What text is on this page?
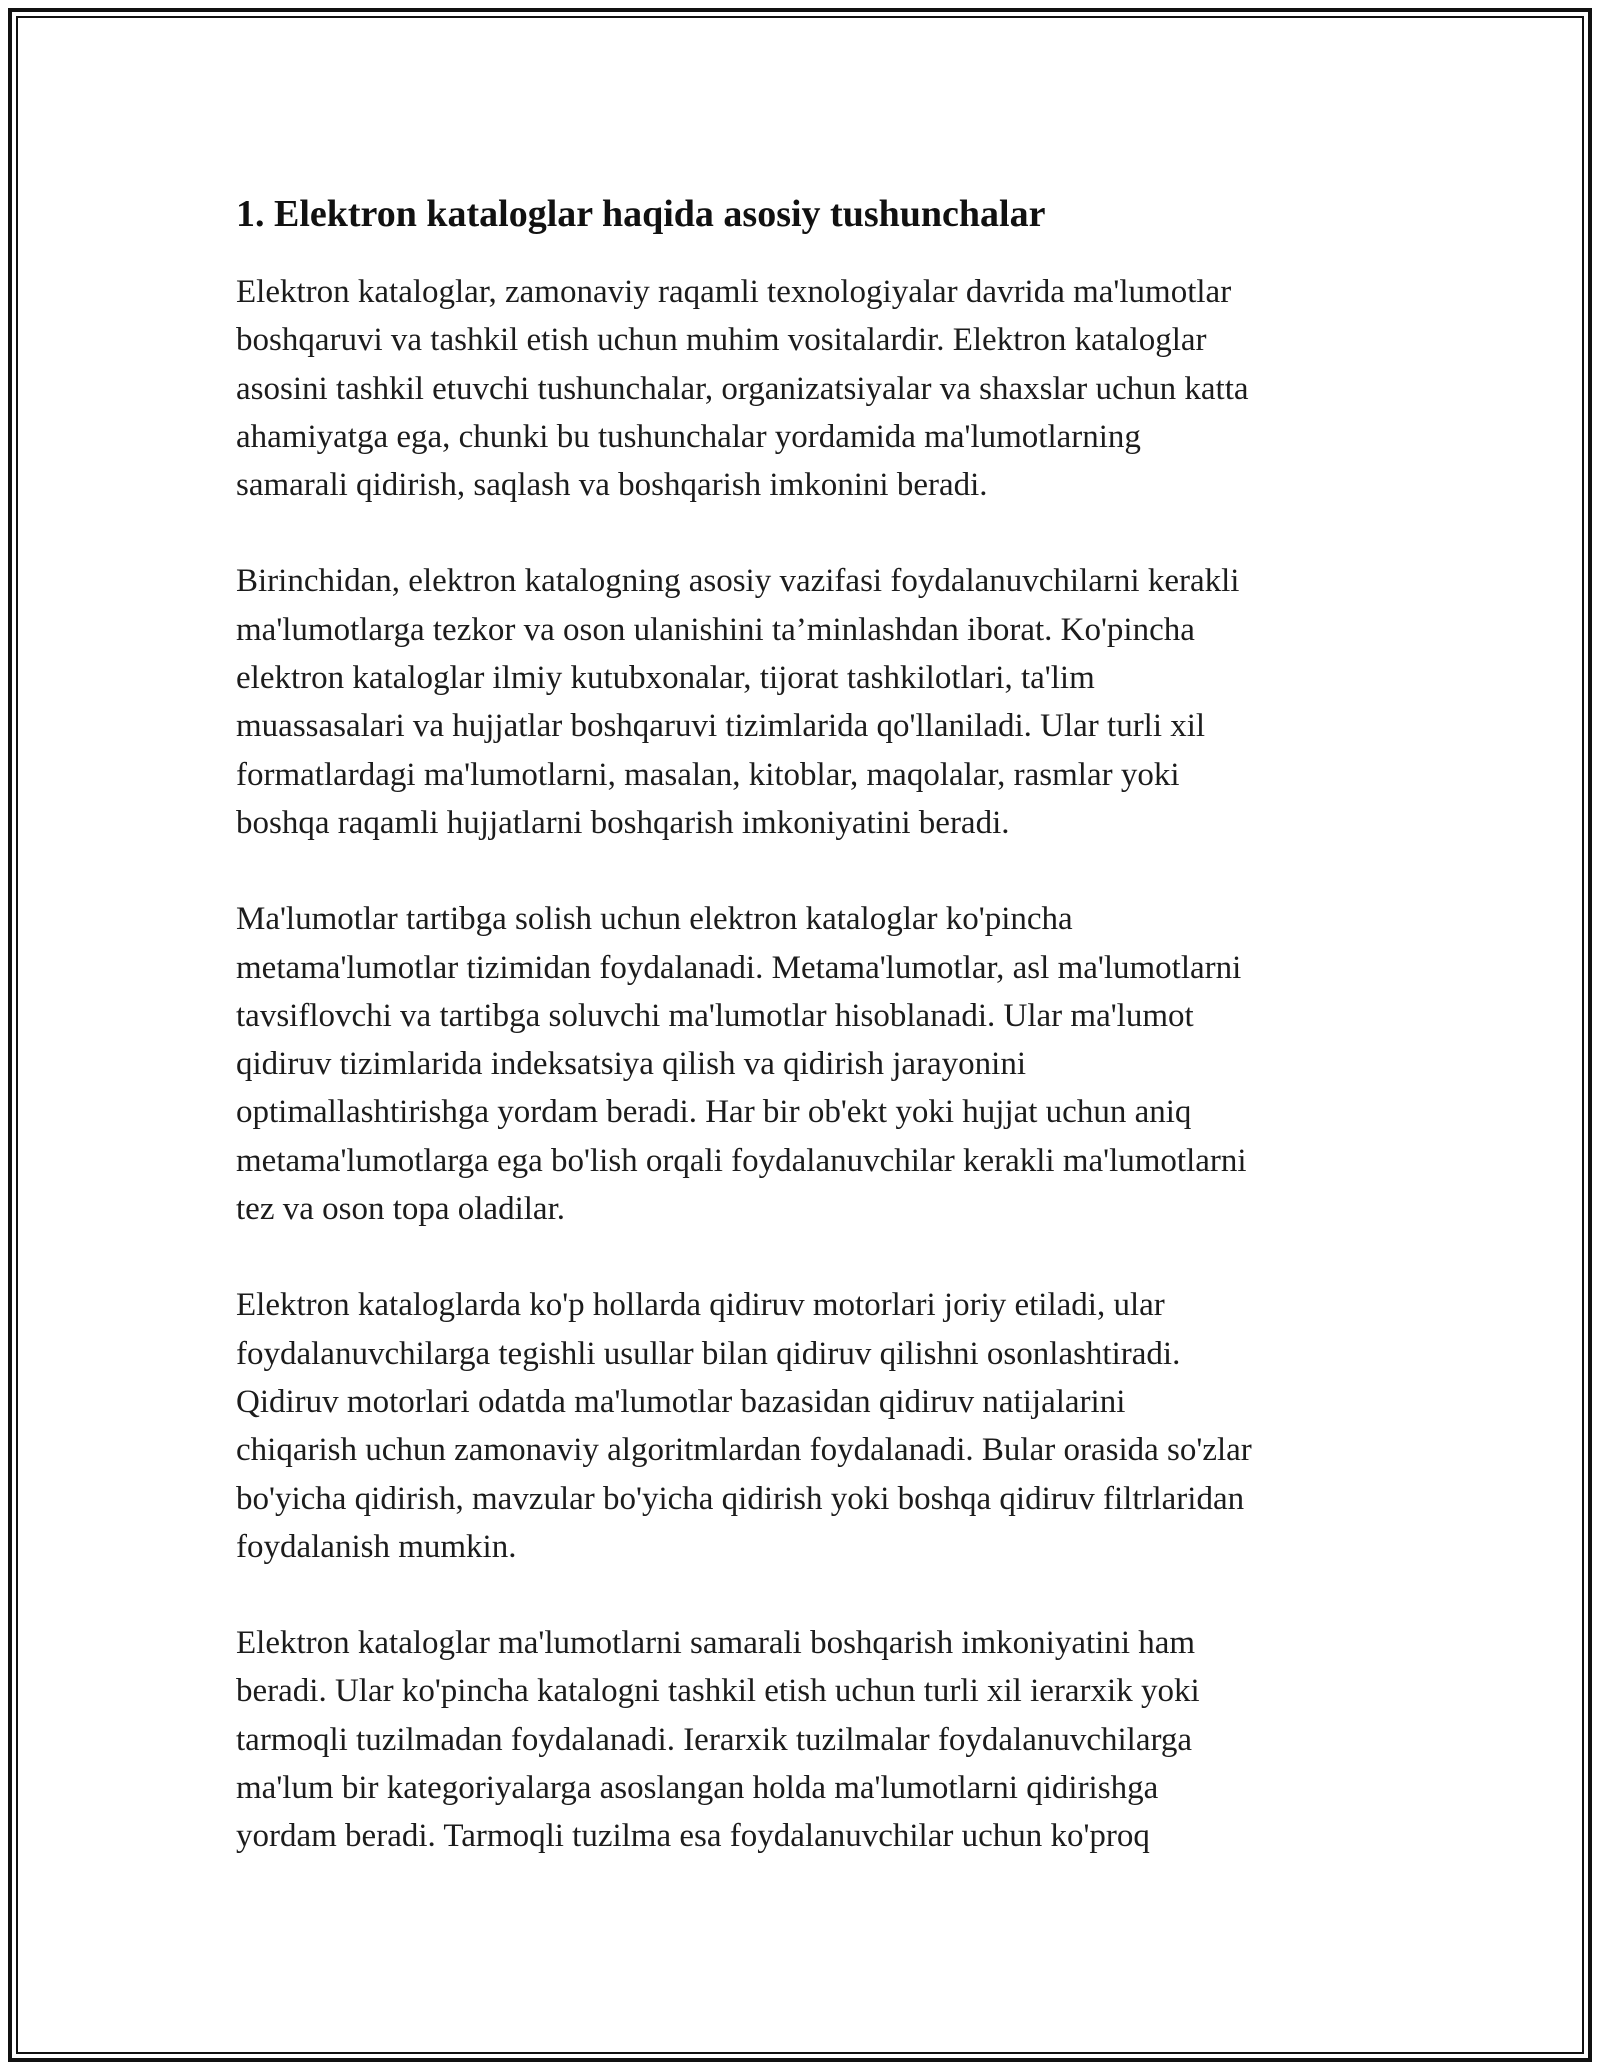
1. Elektron kataloglar haqida asosiy tushunchalar

Elektron kataloglar, zamonaviy raqamli texnologiyalar davrida ma'lumotlar
boshqaruvi va tashkil etish uchun muhim vositalardir. Elektron kataloglar
asosini tashkil etuvchi tushunchalar, organizatsiyalar va shaxslar uchun katta
ahamiyatga ega, chunki bu tushunchalar yordamida ma'lumotlarning
samarali qidirish, saqlash va boshqarish imkonini beradi.

Birinchidan, elektron katalogning asosiy vazifasi foydalanuvchilarni kerakli
ma'lumotlarga tezkor va oson ulanishini ta’minlashdan iborat. Ko'pincha
elektron kataloglar ilmiy kutubxonalar, tijorat tashkilotlari, ta'lim
muassasalari va hujjatlar boshqaruvi tizimlarida qo'llaniladi. Ular turli xil
formatlardagi ma'lumotlarni, masalan, kitoblar, maqolalar, rasmlar yoki
boshqa raqamli hujjatlarni boshqarish imkoniyatini beradi.

Ma'lumotlar tartibga solish uchun elektron kataloglar ko'pincha
metama'lumotlar tizimidan foydalanadi. Metama'lumotlar, asl ma'lumotlarni
tavsiflovchi va tartibga soluvchi ma'lumotlar hisoblanadi. Ular ma'lumot
qidiruv tizimlarida indeksatsiya qilish va qidirish jarayonini
optimallashtirishga yordam beradi. Har bir ob'ekt yoki hujjat uchun aniq
metama'lumotlarga ega bo'lish orqali foydalanuvchilar kerakli ma'lumotlarni
tez va oson topa oladilar.

Elektron kataloglarda ko'p hollarda qidiruv motorlari joriy etiladi, ular
foydalanuvchilarga tegishli usullar bilan qidiruv qilishni osonlashtiradi.
Qidiruv motorlari odatda ma'lumotlar bazasidan qidiruv natijalarini
chiqarish uchun zamonaviy algoritmlardan foydalanadi. Bular orasida so'zlar
bo'yicha qidirish, mavzular bo'yicha qidirish yoki boshqa qidiruv filtrlaridan
foydalanish mumkin.

Elektron kataloglar ma'lumotlarni samarali boshqarish imkoniyatini ham
beradi. Ular ko'pincha katalogni tashkil etish uchun turli xil ierarxik yoki
tarmoqli tuzilmadan foydalanadi. Ierarxik tuzilmalar foydalanuvchilarga
ma'lum bir kategoriyalarga asoslangan holda ma'lumotlarni qidirishga
yordam beradi. Tarmoqli tuzilma esa foydalanuvchilar uchun ko'proq
